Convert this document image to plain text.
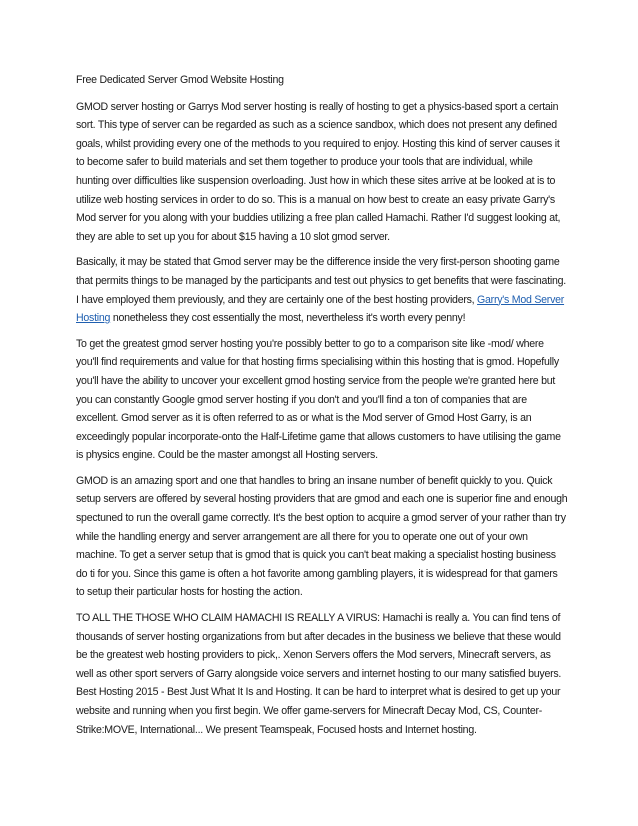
Free Dedicated Server Gmod Website Hosting

GMOD server hosting or Garrys Mod server hosting is really of hosting to get a physics-based sport a certain sort. This type of server can be regarded as such as a science sandbox, which does not present any defined goals, whilst providing every one of the methods to you required to enjoy. Hosting this kind of server causes it to become safer to build materials and set them together to produce your tools that are individual, while hunting over difficulties like suspension overloading. Just how in which these sites arrive at be looked at is to utilize web hosting services in order to do so. This is a manual on how best to create an easy private Garry's Mod server for you along with your buddies utilizing a free plan called Hamachi. Rather I'd suggest looking at, they are able to set up you for about $15 having a 10 slot gmod server.

Basically, it may be stated that Gmod server may be the difference inside the very first-person shooting game that permits things to be managed by the participants and test out physics to get benefits that were fascinating. I have employed them previously, and they are certainly one of the best hosting providers, Garry's Mod Server Hosting nonetheless they cost essentially the most, nevertheless it's worth every penny!

To get the greatest gmod server hosting you're possibly better to go to a comparison site like -mod/ where you'll find requirements and value for that hosting firms specialising within this hosting that is gmod. Hopefully you'll have the ability to uncover your excellent gmod hosting service from the people we're granted here but you can constantly Google gmod server hosting if you don't and you'll find a ton of companies that are excellent. Gmod server as it is often referred to as or what is the Mod server of Gmod Host Garry, is an exceedingly popular incorporate-onto the Half-Lifetime game that allows customers to have utilising the game is physics engine. Could be the master amongst all Hosting servers.

GMOD is an amazing sport and one that handles to bring an insane number of benefit quickly to you. Quick setup servers are offered by several hosting providers that are gmod and each one is superior fine and enough spectuned to run the overall game correctly. It's the best option to acquire a gmod server of your rather than try while the handling energy and server arrangement are all there for you to operate one out of your own machine. To get a server setup that is gmod that is quick you can't beat making a specialist hosting business do ti for you. Since this game is often a hot favorite among gambling players, it is widespread for that gamers to setup their particular hosts for hosting the action.

TO ALL THE THOSE WHO CLAIM HAMACHI IS REALLY A VIRUS: Hamachi is really a. You can find tens of thousands of server hosting organizations from but after decades in the business we believe that these would be the greatest web hosting providers to pick,. Xenon Servers offers the Mod servers, Minecraft servers, as well as other sport servers of Garry alongside voice servers and internet hosting to our many satisfied buyers. Best Hosting 2015 - Best Just What It Is and Hosting. It can be hard to interpret what is desired to get up your website and running when you first begin. We offer game-servers for Minecraft Decay Mod, CS, Counter-Strike:MOVE, International... We present Teamspeak, Focused hosts and Internet hosting.
